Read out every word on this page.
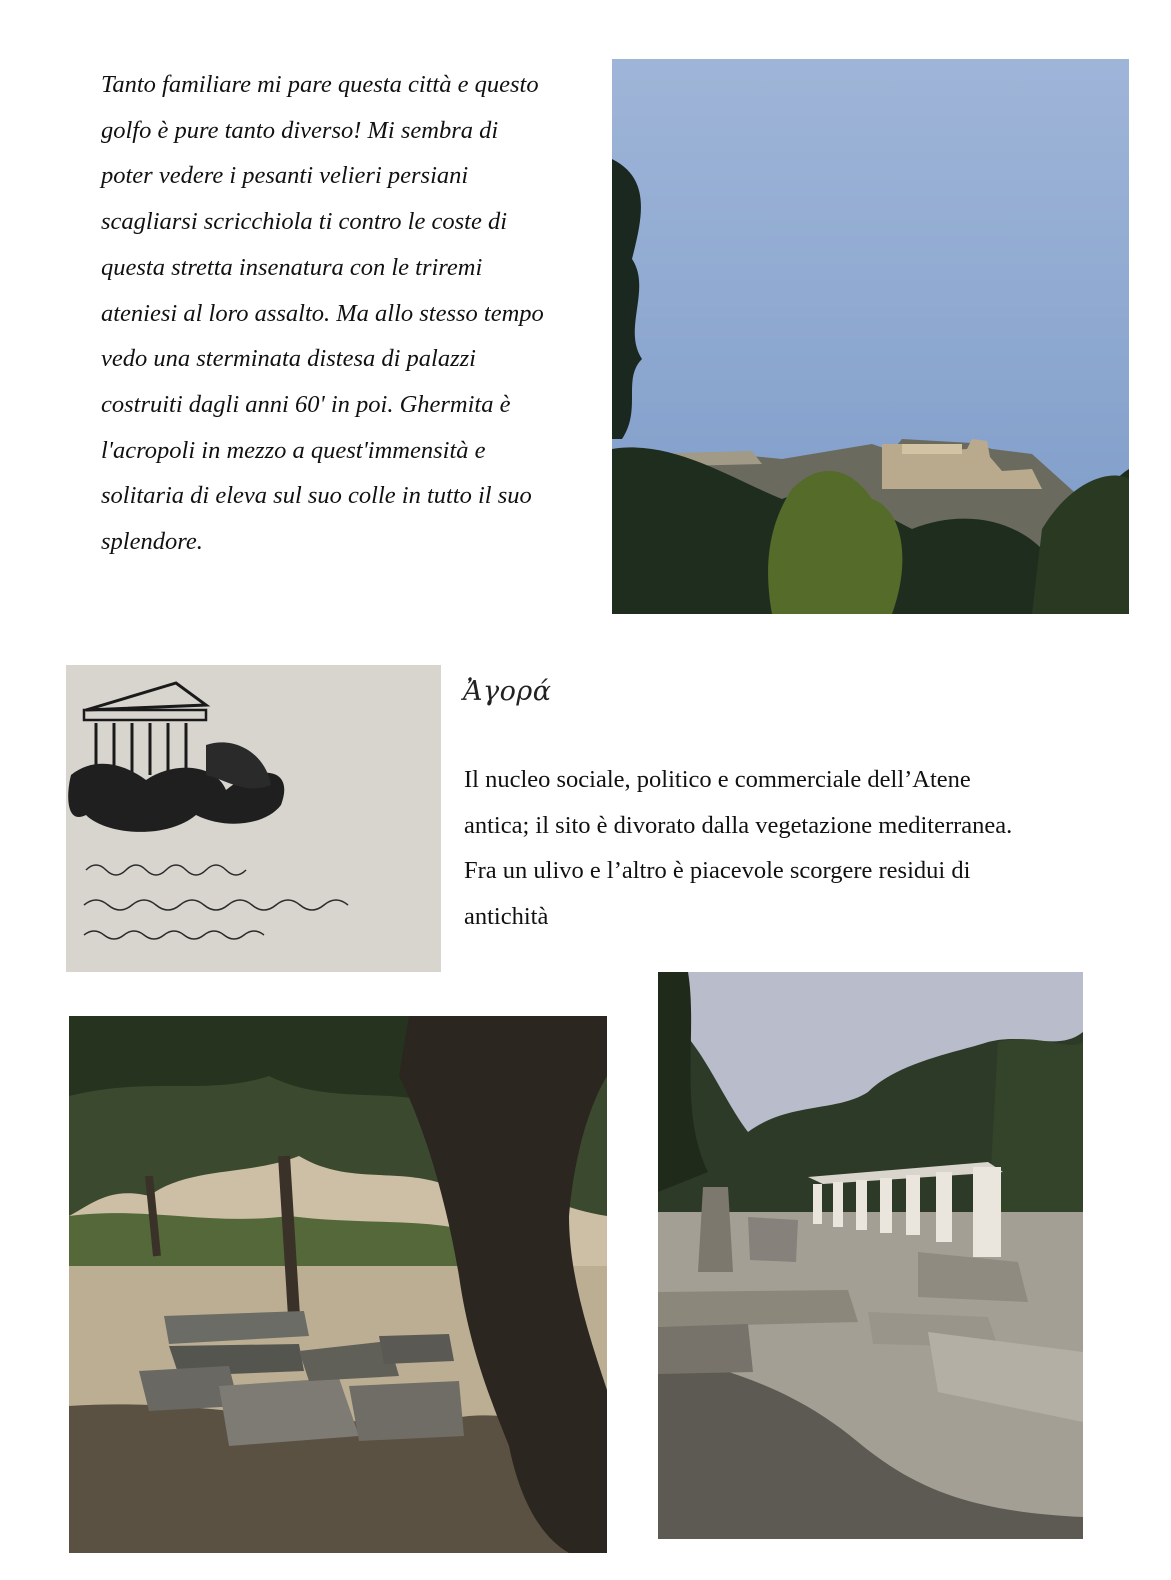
Tanto familiare mi pare questa città e questo
golfo è pure tanto diverso! Mi sembra di
poter vedere i pesanti velieri persiani
scagliarsi scricchiola ti contro le coste di
questa stretta insenatura con le triremi
ateniesi al loro assalto. Ma allo stesso tempo
vedo una sterminata distesa di palazzi
costruiti dagli anni 60' in poi. Ghermita è
l'acropoli in mezzo a quest'immensità e
solitaria di eleva sul suo colle in tutto il suo
splendore.
Ἀγορά
Il nucleo sociale, politico e commerciale dell’Atene
antica; il sito è divorato dalla vegetazione mediterranea.
Fra un ulivo e l’altro è piacevole scorgere residui di
antichità
